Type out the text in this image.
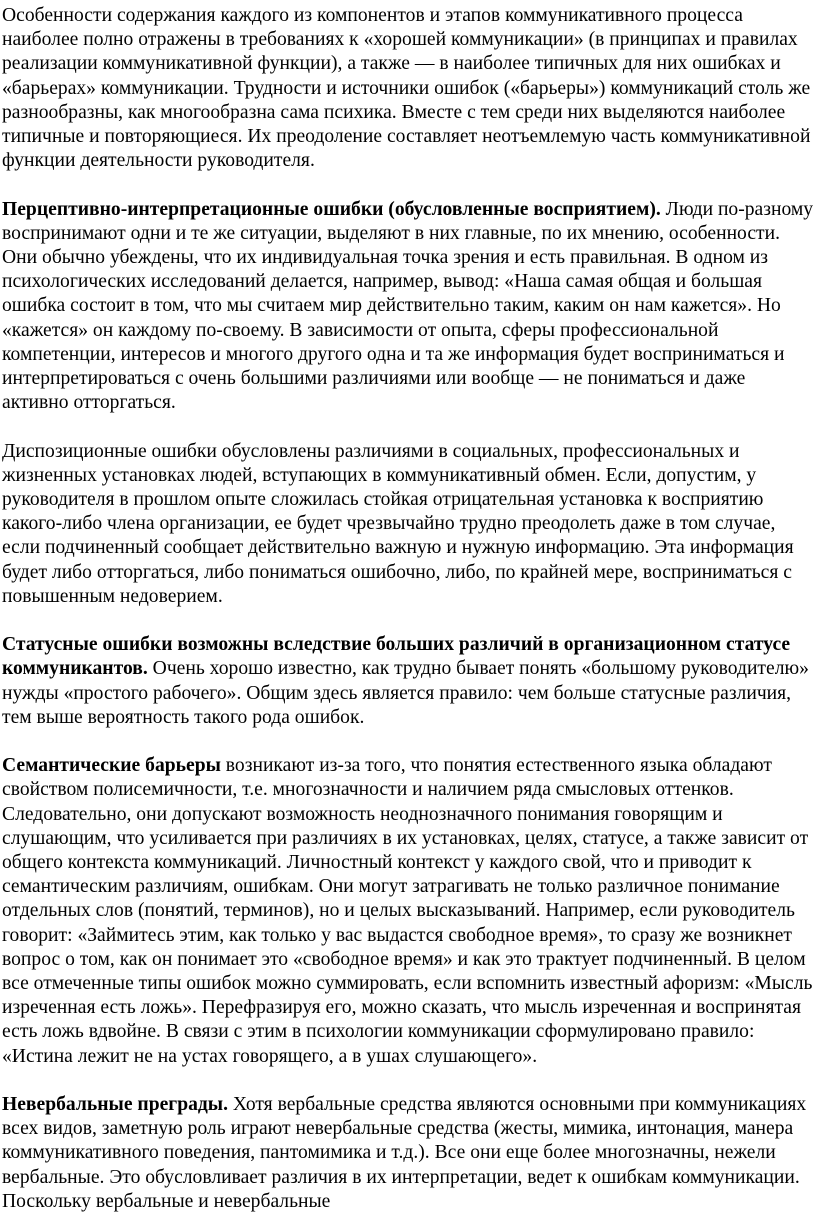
Особенности содержания каждого из компонентов и этапов коммуникативного процесса наиболее полно отражены в требованиях к «хорошей коммуникации» (в принципах и правилах реализации коммуникативной функции), а также — в наиболее типичных для них ошибках и «барьерах» коммуникации. Трудности и источники ошибок («барьеры») коммуникаций столь же разнообразны, как многообразна сама психика. Вместе с тем среди них выделяются наиболее типичные и повторяющиеся. Их преодоление составляет неотъемлемую часть коммуникативной функции деятельности руководителя.

Перцептивно-интерпретационные ошибки (обусловленные восприятием). Люди по-разному воспринимают одни и те же ситуации, выделяют в них главные, по их мнению, особенности. Они обычно убеждены, что их индивидуальная точка зрения и есть правильная. В одном из психологических исследований делается, например, вывод: «Наша самая общая и большая ошибка состоит в том, что мы считаем мир действительно таким, каким он нам кажется». Но «кажется» он каждому по-своему. В зависимости от опыта, сферы профессиональной компетенции, интересов и многого другого одна и та же информация будет восприниматься и интерпретироваться с очень большими различиями или вообще — не пониматься и даже активно отторгаться.

Диспозиционные ошибки обусловлены различиями в социальных, профессиональных и жизненных установках людей, вступающих в коммуникативный обмен. Если, допустим, у руководителя в прошлом опыте сложилась стойкая отрицательная установка к восприятию какого-либо члена организации, ее будет чрезвычайно трудно преодолеть даже в том случае, если подчиненный сообщает действительно важную и нужную информацию. Эта информация будет либо отторгаться, либо пониматься ошибочно, либо, по крайней мере, восприниматься с повышенным недоверием.

Статусные ошибки возможны вследствие больших различий в организационном статусе коммуникантов. Очень хорошо известно, как трудно бывает понять «большому руководителю» нужды «простого рабочего». Общим здесь является правило: чем больше статусные различия, тем выше вероятность такого рода ошибок.

Семантические барьеры возникают из-за того, что понятия естественного языка обладают свойством полисемичности, т.е. многозначности и наличием ряда смысловых оттенков. Следовательно, они допускают возможность неоднозначного понимания говорящим и слушающим, что усиливается при различиях в их установках, целях, статусе, а также зависит от общего контекста коммуникаций. Личностный контекст у каждого свой, что и приводит к семантическим различиям, ошибкам. Они могут затрагивать не только различное понимание отдельных слов (понятий, терминов), но и целых высказываний. Например, если руководитель говорит: «Займитесь этим, как только у вас выдастся свободное время», то сразу же возникнет вопрос о том, как он понимает это «свободное время» и как это трактует подчиненный. В целом все отмеченные типы ошибок можно суммировать, если вспомнить известный афоризм: «Мысль изреченная есть ложь». Перефразируя его, можно сказать, что мысль изреченная и воспринятая есть ложь вдвойне. В связи с этим в психологии коммуникации сформулировано правило: «Истина лежит не на устах говорящего, а в ушах слушающего».

Невербальные преграды. Хотя вербальные средства являются основными при коммуникациях всех видов, заметную роль играют невербальные средства (жесты, мимика, интонация, манера коммуникативного поведения, пантомимика и т.д.). Все они еще более многозначны, нежели вербальные. Это обусловливает различия в их интерпретации, ведет к ошибкам коммуникации. Поскольку вербальные и невербальные
